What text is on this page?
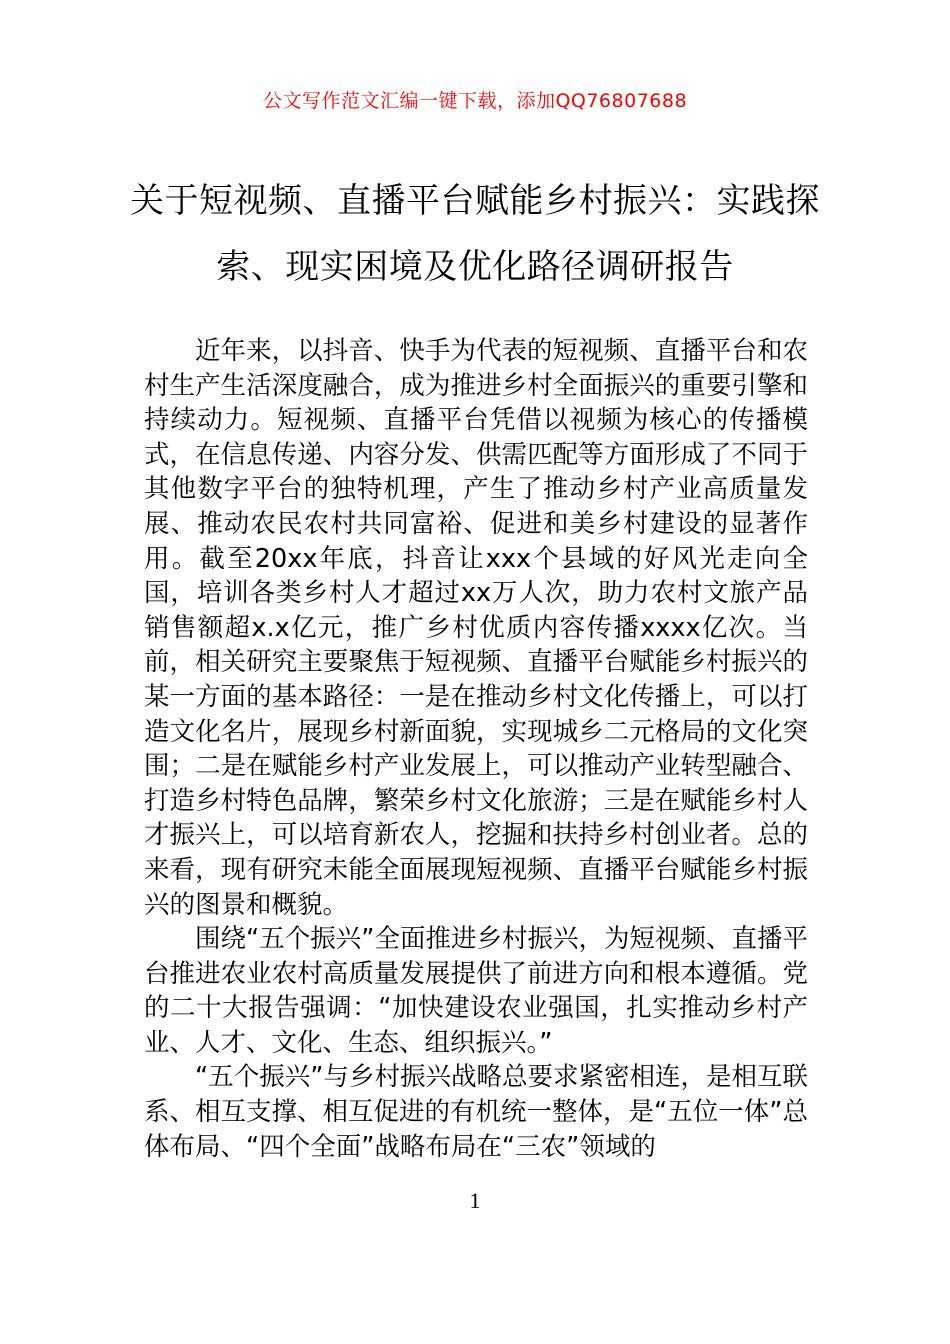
公文写作范文汇编一键下载，添加QQ76807688
关于短视频、直播平台赋能乡村振兴：实践探索、现实困境及优化路径调研报告

近年来，以抖音、快手为代表的短视频、直播平台和农村生产生活深度融合，成为推进乡村全面振兴的重要引擎和持续动力。短视频、直播平台凭借以视频为核心的传播模式，在信息传递、内容分发、供需匹配等方面形成了不同于其他数字平台的独特机理，产生了推动乡村产业高质量发展、推动农民农村共同富裕、促进和美乡村建设的显著作用。截至20xx年底，抖音让xxx个县域的好风光走向全国，培训各类乡村人才超过xx万人次，助力农村文旅产品销售额超x.x亿元，推广乡村优质内容传播xxxx亿次。当前，相关研究主要聚焦于短视频、直播平台赋能乡村振兴的某一方面的基本路径：一是在推动乡村文化传播上，可以打造文化名片，展现乡村新面貌，实现城乡二元格局的文化突围；二是在赋能乡村产业发展上，可以推动产业转型融合、打造乡村特色品牌，繁荣乡村文化旅游；三是在赋能乡村人才振兴上，可以培育新农人，挖掘和扶持乡村创业者。总的来看，现有研究未能全面展现短视频、直播平台赋能乡村振兴的图景和概貌。

围绕“五个振兴”全面推进乡村振兴，为短视频、直播平台推进农业农村高质量发展提供了前进方向和根本遵循。党的二十大报告强调：“加快建设农业强国，扎实推动乡村产业、人才、文化、生态、组织振兴。”

“五个振兴”与乡村振兴战略总要求紧密相连，是相互联系、相互支撑、相互促进的有机统一整体，是“五位一体”总体布局、“四个全面”战略布局在“三农”领域的

1
